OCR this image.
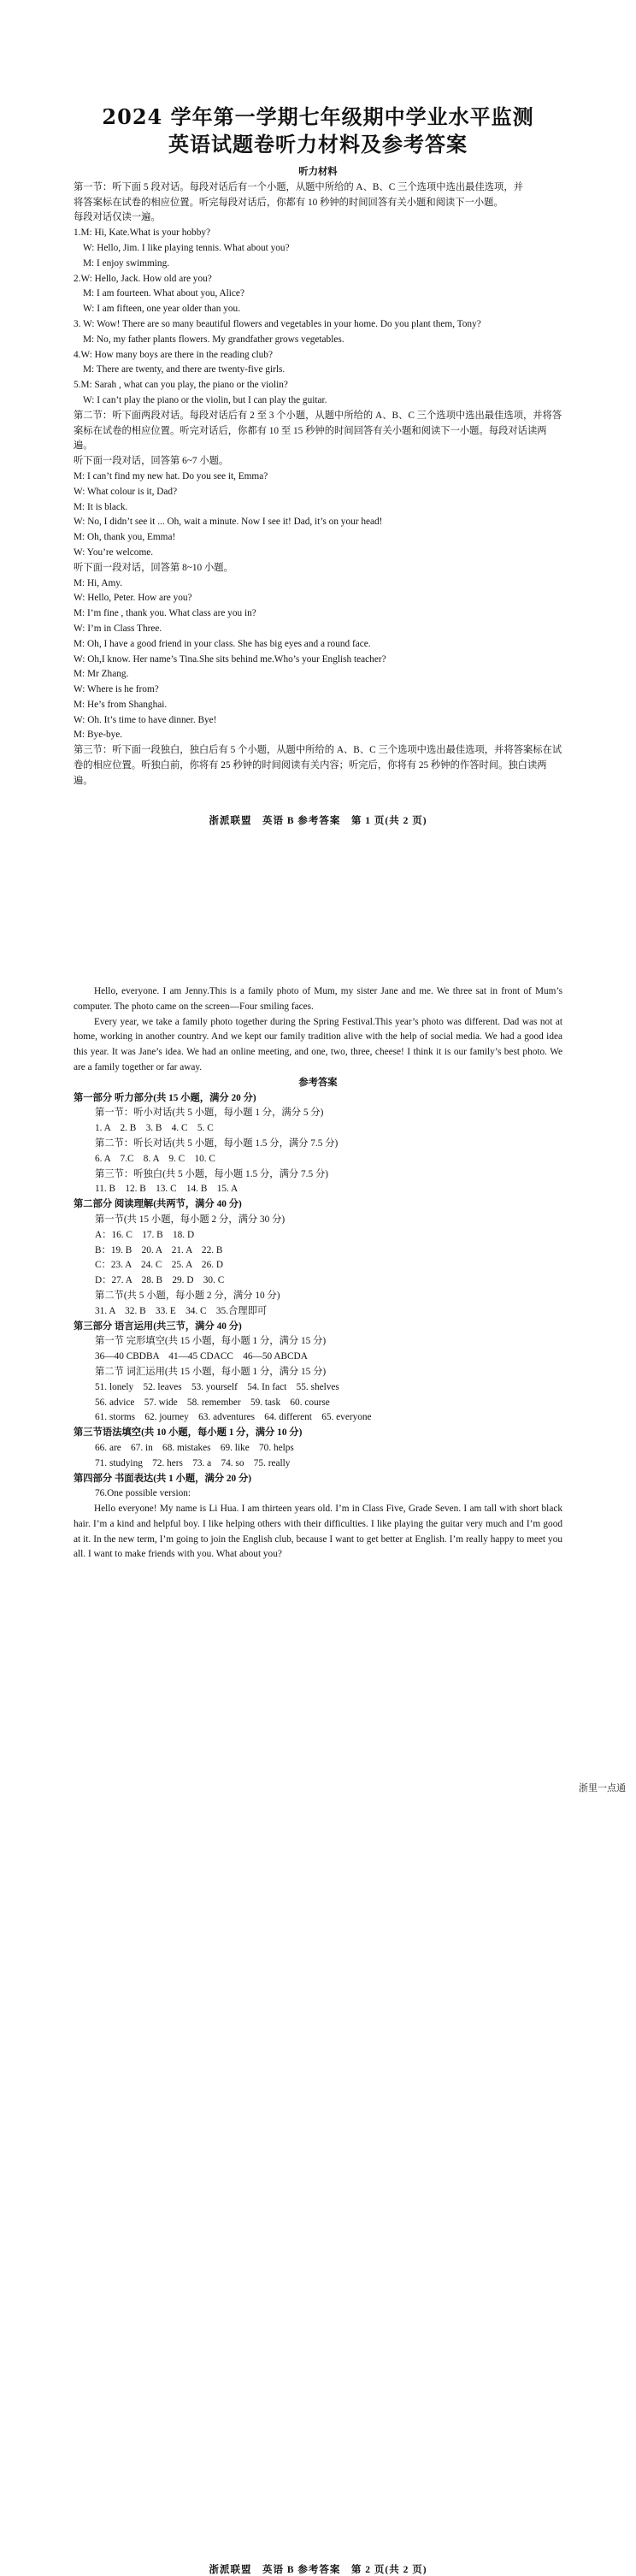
2024 学年第一学期七年级期中学业水平监测
英语试题卷听力材料及参考答案
听力材料
第一节：听下面 5 段对话。每段对话后有一个小题，从题中所给的 A、B、C 三个选项中选出最佳选项，并
将答案标在试卷的相应位置。听完每段对话后，你都有 10 秒钟的时间回答有关小题和阅读下一小题。
每段对话仅读一遍。
1.M: Hi, Kate.What is your hobby?
W: Hello, Jim. I like playing tennis. What about you?
M: I enjoy swimming.
2.W: Hello, Jack. How old are you?
M: I am fourteen. What about you, Alice?
W: I am fifteen, one year older than you.
3. W: Wow! There are so many beautiful flowers and vegetables in your home. Do you plant them, Tony?
M: No, my father plants flowers. My grandfather grows vegetables.
4.W: How many boys are there in the reading club?
M: There are twenty, and there are twenty-five girls.
5.M: Sarah , what can you play, the piano or the violin?
W: I can’t play the piano or the violin, but I can play the guitar.
第二节：听下面两段对话。每段对话后有 2 至 3 个小题，从题中所给的 A、B、C 三个选项中选出最佳选项，并将答案标在试卷的相应位置。听完对话后，你都有 10 至 15 秒钟的时间回答有关小题和阅读下一小题。每段对话读两遍。
听下面一段对话，回答第 6~7 小题。
M: I can’t find my new hat. Do you see it, Emma?
W: What colour is it, Dad?
M: It is black.
W: No, I didn’t see it ... Oh, wait a minute. Now I see it! Dad, it’s on your head!
M: Oh, thank you, Emma!
W: You’re welcome.
听下面一段对话，回答第 8~10 小题。
M: Hi, Amy.
W: Hello, Peter. How are you?
M: I’m fine , thank you. What class are you in?
W: I’m in Class Three.
M: Oh, I have a good friend in your class. She has big eyes and a round face.
W: Oh,I know. Her name’s Tina.She sits behind me.Who’s your English teacher?
M: Mr Zhang.
W: Where is he from?
M: He’s from Shanghai.
W: Oh. It’s time to have dinner. Bye!
M: Bye-bye.
第三节：听下面一段独白，独白后有 5 个小题，从题中所给的 A、B、C 三个选项中选出最佳选项，并将答案标在试卷的相应位置。听独白前，你将有 25 秒钟的时间阅读有关内容；听完后，你将有 25 秒钟的作答时间。独白读两遍。
浙派联盟　英语 B 参考答案　第 1 页(共 2 页)

Hello, everyone. I am Jenny.This is a family photo of Mum, my sister Jane and me. We three sat in front of Mum’s computer. The photo came on the screen—Four smiling faces.

Every year, we take a family photo together during the Spring Festival.This year’s photo was different. Dad was not at home, working in another country. And we kept our family tradition alive with the help of social media. We had a good idea this year. It was Jane’s idea. We had an online meeting, and one, two, three, cheese! I think it is our family’s best photo. We are a family together or far away.

参考答案
第一部分 听力部分(共 15 小题，满分 20 分)
第一节：听小对话(共 5 小题，每小题 1 分，满分 5 分)
1. A　2. B　3. B　4. C　5. C
第二节：听长对话(共 5 小题，每小题 1.5 分，满分 7.5 分)
6. A　7.C　8. A　9. C　10. C
第三节：听独白(共 5 小题，每小题 1.5 分，满分 7.5 分)
11. B　12. B　13. C　14. B　15. A
第二部分 阅读理解(共两节，满分 40 分)
第一节(共 15 小题，每小题 2 分，满分 30 分)
A：16. C　17. B　18. D
B：19. B　20. A　21. A　22. B
C：23. A　24. C　25. A　26. D
D：27. A　28. B　29. D　30. C
第二节(共 5 小题，每小题 2 分，满分 10 分)
31. A　32. B　33. E　34. C　35.合理即可
第三部分 语言运用(共三节，满分 40 分)
第一节 完形填空(共 15 小题，每小题 1 分，满分 15 分)
36—40 CBDBA　41—45 CDACC　46—50 ABCDA
第二节 词汇运用(共 15 小题，每小题 1 分，满分 15 分)
51. lonely　52. leaves　53. yourself　54. In fact　55. shelves
56. advice　57. wide　58. remember　59. task　60. course
61. storms　62. journey　63. adventures　64. different　65. everyone
第三节语法填空(共 10 小题，每小题 1 分，满分 10 分)
66. are　67. in　68. mistakes　69. like　70. helps
71. studying　72. hers　73. a　74. so　75. really
第四部分 书面表达(共 1 小题，满分 20 分)
76.One possible version:

Hello everyone! My name is Li Hua. I am thirteen years old. I’m in Class Five, Grade Seven. I am tall with short black hair. I’m a kind and helpful boy. I like helping others with their difficulties. I like playing the guitar very much and I’m good at it. In the new term, I’m going to join the English club, because I want to get better at English. I’m really happy to meet you all. I want to make friends with you. What about you?

浙派联盟　英语 B 参考答案　第 2 页(共 2 页)
浙里一点通
